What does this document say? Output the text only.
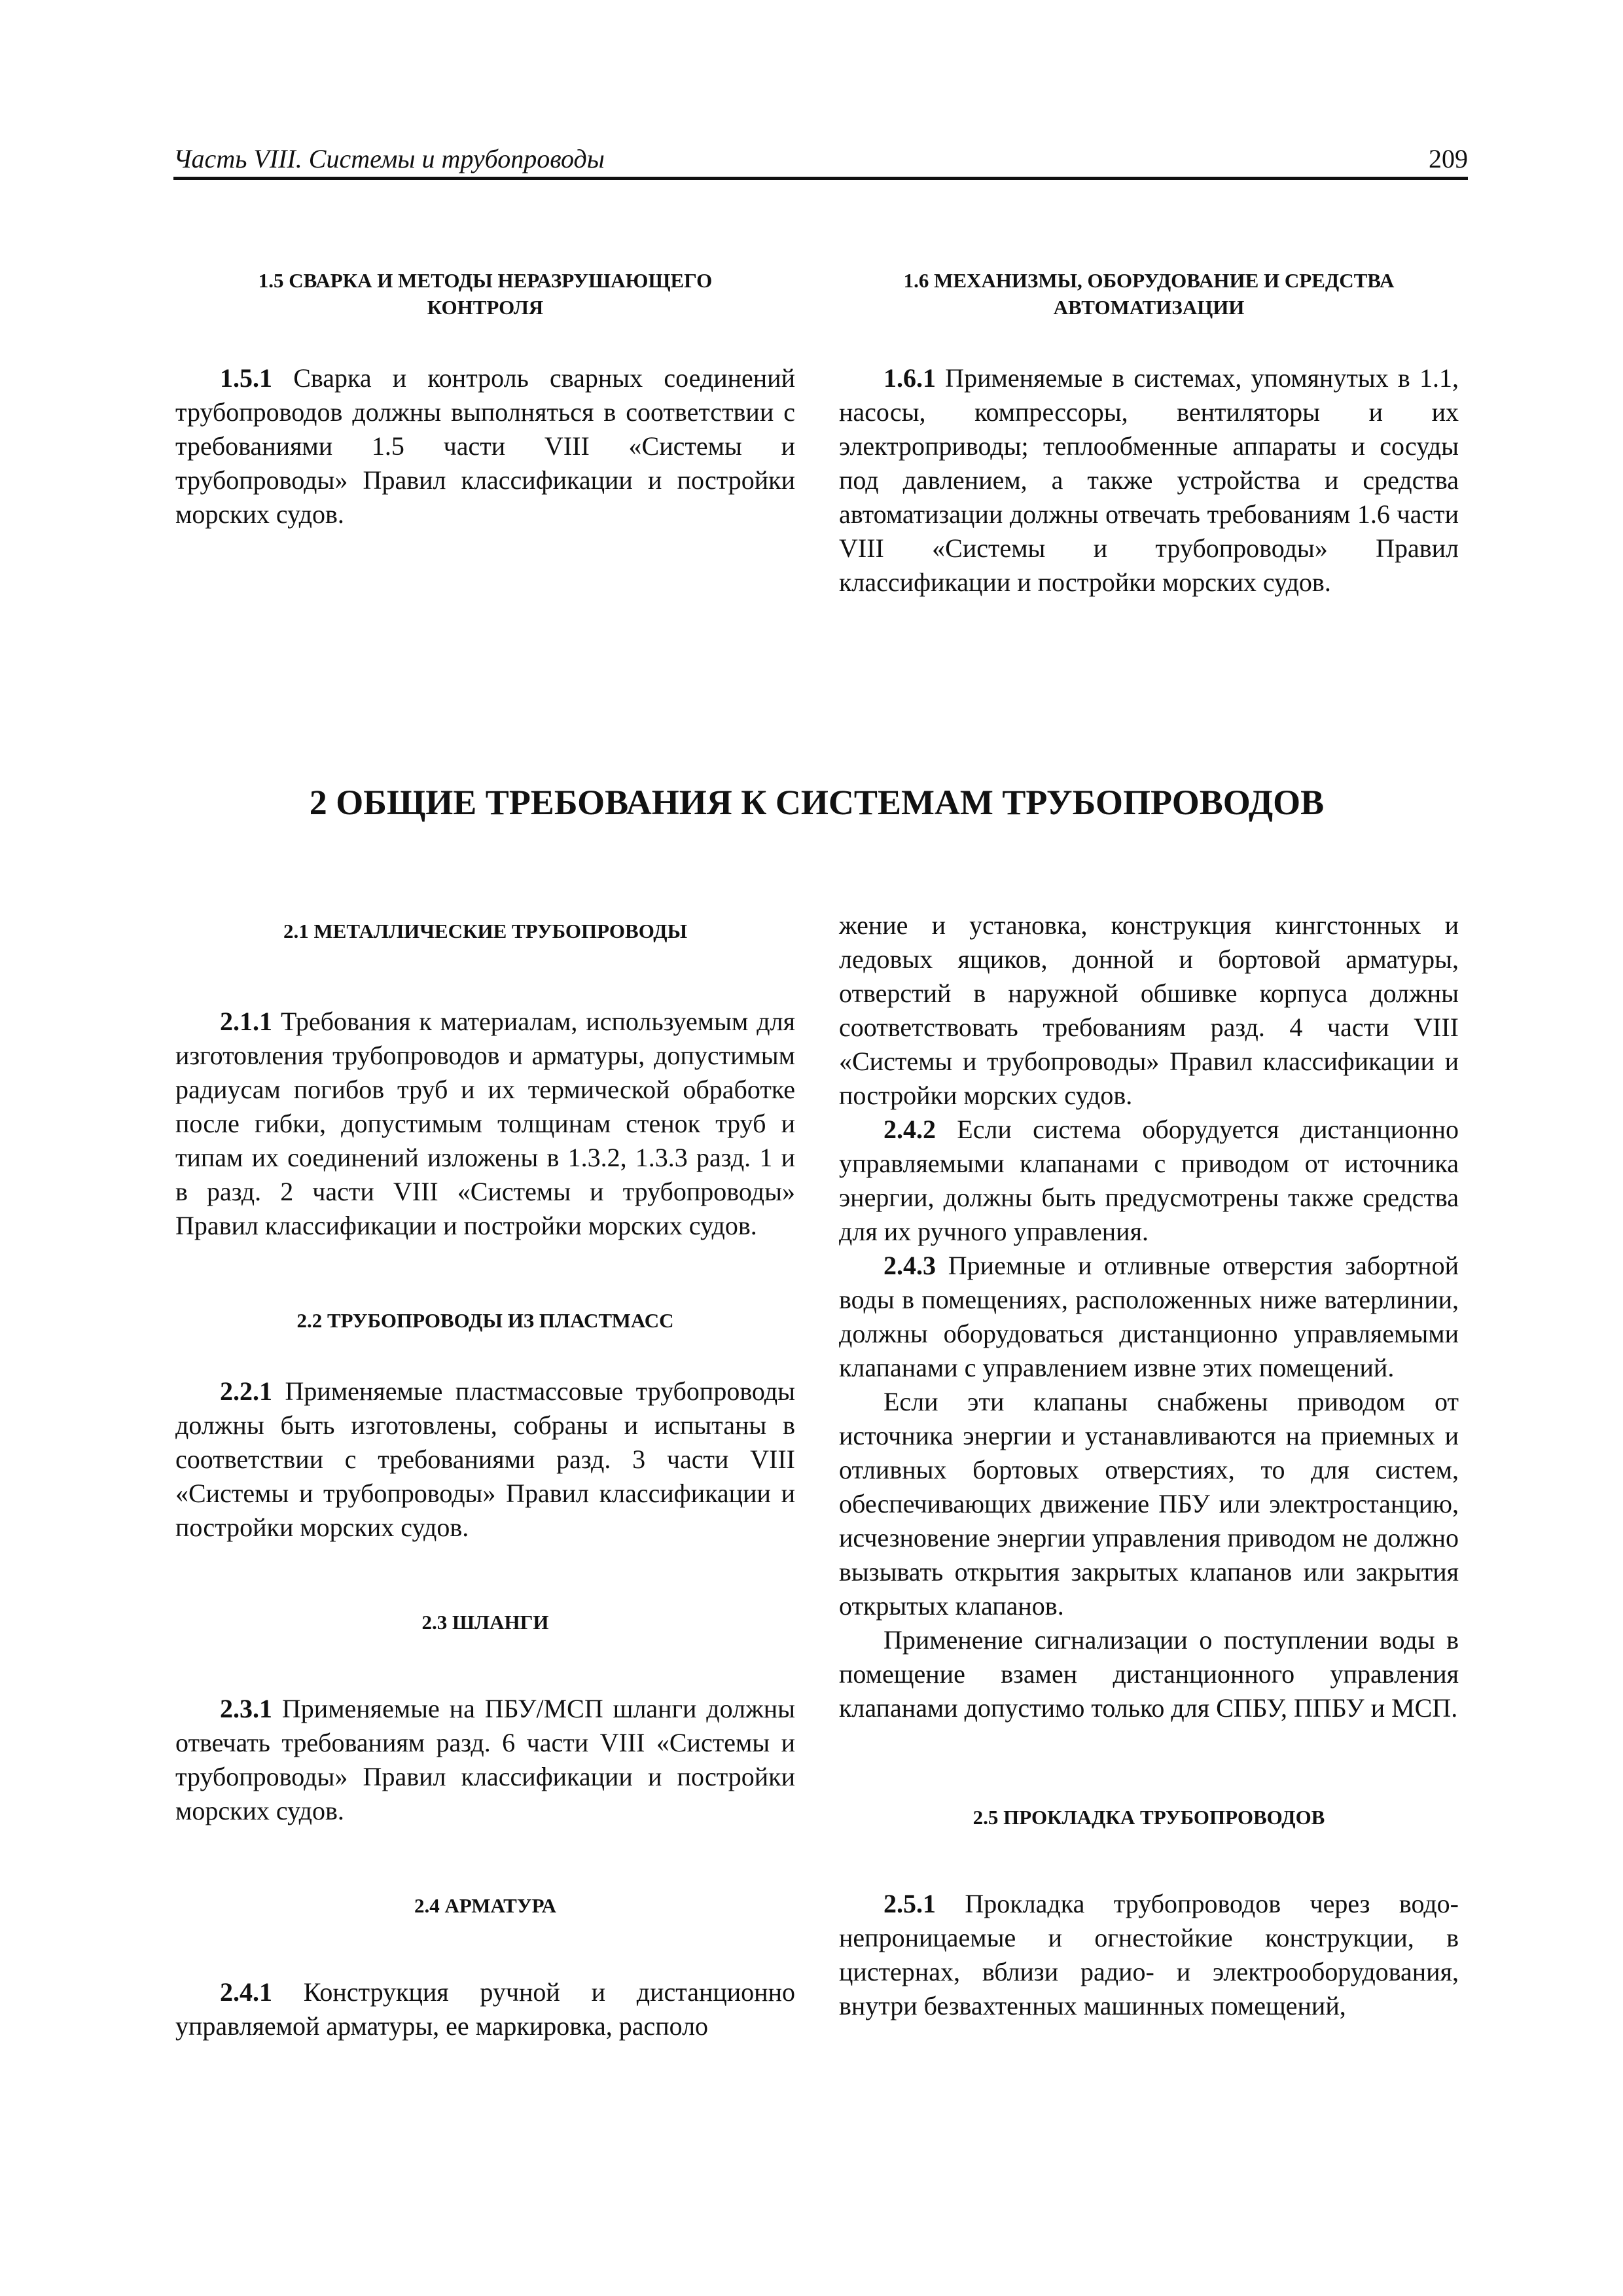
Часть VIII. Системы и трубопроводы	209
1.5 СВАРКА И МЕТОДЫ НЕРАЗРУШАЮЩЕГО КОНТРОЛЯ

1.5.1 Сварка и контроль сварных соединений трубопроводов должны выполняться в соответствии с требованиями 1.5 части VIII «Системы и трубопроводы» Правил классификации и постройки морских судов.

1.6 МЕХАНИЗМЫ, ОБОРУДОВАНИЕ И СРЕДСТВА АВТОМАТИЗАЦИИ

1.6.1 Применяемые в системах, упомянутых в 1.1, насосы, компрессоры, вентиляторы и их электроприводы; теплообменные аппараты и сосуды под давлением, а также устройства и средства автоматизации должны отвечать требованиям 1.6 части VIII «Системы и трубопроводы» Правил классификации и постройки морских судов.

2 ОБЩИЕ ТРЕБОВАНИЯ К СИСТЕМАМ ТРУБОПРОВОДОВ
2.1 МЕТАЛЛИЧЕСКИЕ ТРУБОПРОВОДЫ

2.1.1 Требования к материалам, используемым для изготовления трубопроводов и арматуры, допустимым радиусам погибов труб и их термической обработке после гибки, допустимым толщинам стенок труб и типам их соединений изложены в 1.3.2, 1.3.3 разд. 1 и в разд. 2 части VIII «Системы и трубопроводы» Правил классификации и постройки морских судов.

2.2 ТРУБОПРОВОДЫ ИЗ ПЛАСТМАСС

2.2.1 Применяемые пластмассовые трубопроводы должны быть изготовлены, собраны и испытаны в соответствии с требованиями разд. 3 части VIII «Системы и трубопроводы» Правил классификации и постройки морских судов.

2.3 ШЛАНГИ

2.3.1 Применяемые на ПБУ/МСП шланги должны отвечать требованиям разд. 6 части VIII «Системы и трубопроводы» Правил классификации и постройки морских судов.

2.4 АРМАТУРА

2.4.1 Конструкция ручной и дистанционно управляемой арматуры, ее маркировка, располо

жение и установка, конструкция кингстонных и ледовых ящиков, донной и бортовой арматуры, отверстий в наружной обшивке корпуса должны соответствовать требованиям разд. 4 части VIII «Системы и трубопроводы» Правил классификации и постройки морских судов.

2.4.2 Если система оборудуется дистанционно управляемыми клапанами с приводом от источника энергии, должны быть предусмотрены также средства для их ручного управления.

2.4.3 Приемные и отливные отверстия забортной воды в помещениях, расположенных ниже ватерлинии, должны оборудоваться дистанционно управляемыми клапанами с управлением извне этих помещений.

Если эти клапаны снабжены приводом от источника энергии и устанавливаются на приемных и отливных бортовых отверстиях, то для систем, обеспечивающих движение ПБУ или электростанцию, исчезновение энергии управления приводом не должно вызывать открытия закрытых клапанов или закрытия открытых клапанов.

Применение сигнализации о поступлении воды в помещение взамен дистанционного управления клапанами допустимо только для СПБУ, ППБУ и МСП.

2.5 ПРОКЛАДКА ТРУБОПРОВОДОВ

2.5.1 Прокладка трубопроводов через водонепроницаемые и огнестойкие конструкции, в цистернах, вблизи радио- и электрооборудования, внутри безвахтенных машинных помещений,
